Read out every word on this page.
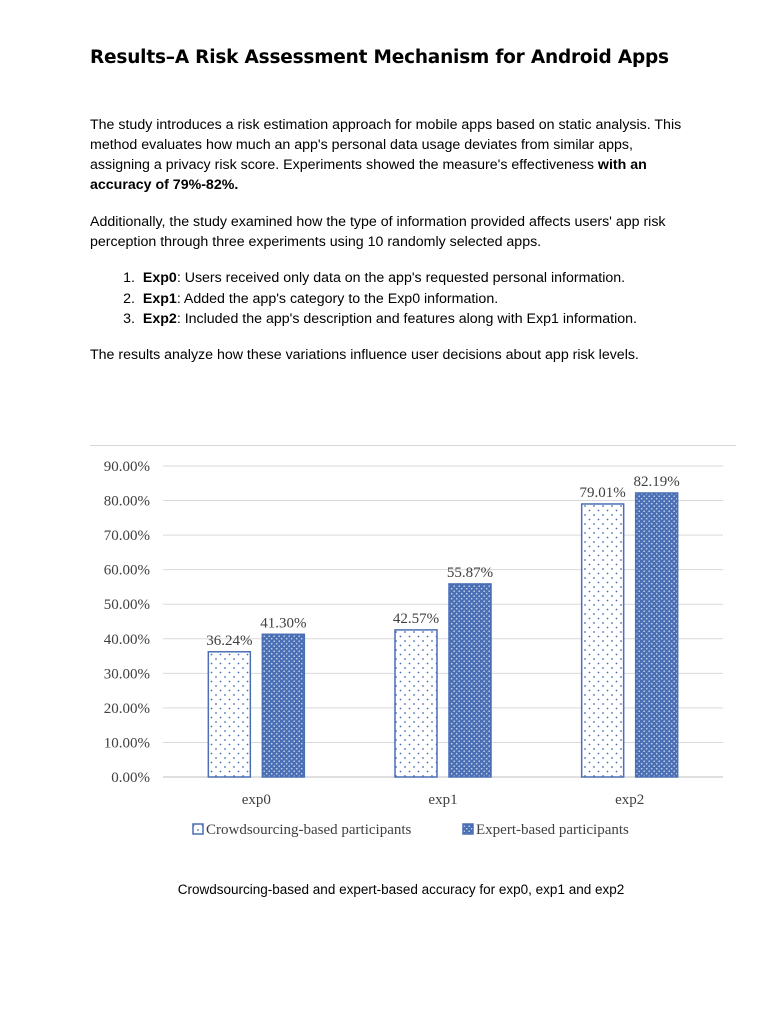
Results–A Risk Assessment Mechanism for Android Apps

The study introduces a risk estimation approach for mobile apps based on static analysis. This method evaluates how much an app's personal data usage deviates from similar apps, assigning a privacy risk score. Experiments showed the measure's effectiveness with an accuracy of 79%-82%.

Additionally, the study examined how the type of information provided affects users' app risk perception through three experiments using 10 randomly selected apps.

1. Exp0: Users received only data on the app's requested personal information.
2. Exp1: Added the app's category to the Exp0 information.
3. Exp2: Included the app's description and features along with Exp1 information.

The results analyze how these variations influence user decisions about app risk levels.

0.00%
10.00%
20.00%
30.00%
40.00%
50.00%
60.00%
70.00%
80.00%
90.00%
36.24%
41.30%	42.57%
55.87%
79.01%
82.19%
exp0	exp1	exp2
Crowdsourcing-based participants	Expert-based participants
Crowdsourcing-based and expert-based accuracy for exp0, exp1 and exp2
